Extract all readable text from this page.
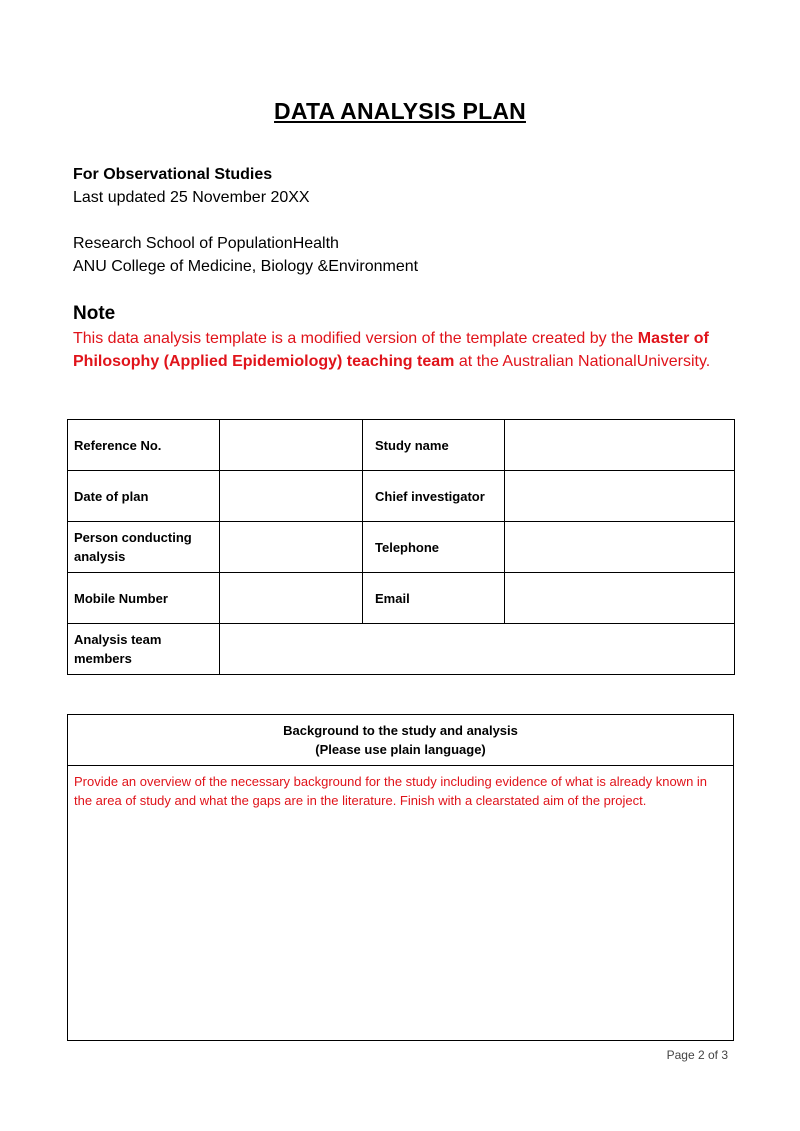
DATA ANALYSIS PLAN
For Observational Studies
Last updated 25 November 20XX
Research School of PopulationHealth
ANU College of Medicine, Biology &Environment
Note
This data analysis template is a modified version of the template created by the Master of Philosophy (Applied Epidemiology) teaching team at the Australian NationalUniversity.
Reference No.		Study name	
Date of plan		Chief investigator	
Person conducting analysis		Telephone	
Mobile Number		Email	
Analysis team members			
Background to the study and analysis
(Please use plain language)

Provide an overview of the necessary background for the study including evidence of what is already known in the area of study and what the gaps are in the literature. Finish with a clearstated aim of the project.
Page 2 of 3
